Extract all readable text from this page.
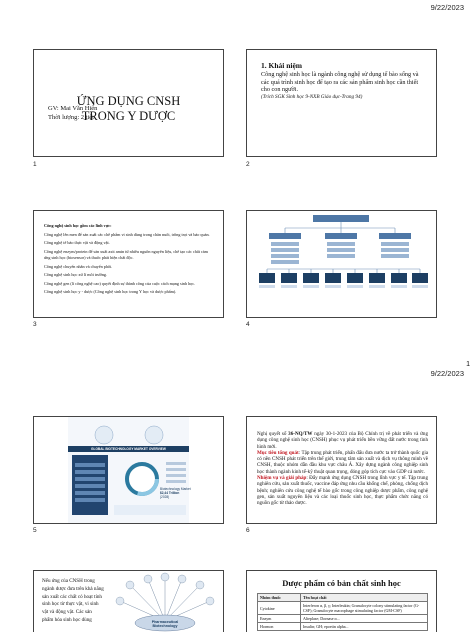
9/22/2023
ỨNG DỤNG CNSH
TRONG Y DƯỢC
GV: Mai Văn Hiển
Thời lượng: 2 tiết
1
1. Khái niệm
Công nghệ sinh học là ngành công nghệ sử dụng tế bào sống và các quá trình sinh học để tạo ra các sản phẩm sinh học cần thiết cho con người.
(Trích SGK Sinh học 9-NXB Giáo dục-Trang 94)
2
Công nghệ sinh học gồm các lĩnh vực:
Công nghệ lên men để sản xuất các chế phẩm vi sinh dùng trong chăn nuôi, trồng trọt và bảo quản.
Công nghệ tế bào thực vật và động vật.
Công nghệ enzym/protein để sản xuất axit amin từ nhiều nguồn nguyên liệu, chế tạo các chất cảm ứng sinh học (biosensor) và thuốc phát hiện chất độc.
Công nghệ chuyển nhân và chuyển phôi.
Công nghệ sinh học xử lí môi trường.
Công nghệ gen (lí công nghệ cao) quyết định sự thành công của cuộc cách mạng sinh học.
Công nghệ sinh học y - dược (Công nghệ sinh học trong Y học và dược phẩm).
3	4
1
9/22/2023
GLOBAL BIOTECHNOLOGY MARKET OVERVIEW
Biotechnology Market
$2,44 Trillion
(2028)
5
Nghị quyết số 36-NQ/TW ngày 30-1-2023 của Bộ Chính trị về phát triển và ứng dụng công nghệ sinh học (CNSH) phục vụ phát triển bền vững đất nước trong tình hình mới.
Mục tiêu tổng quát: Tập trung phát triển, phấn đấu đưa nước ta trở thành quốc gia có nền CNSH phát triển trên thế giới, trung tâm sản xuất và dịch vụ thông minh về CNSH, thuộc nhóm dẫn đầu khu vực châu Á. Xây dựng ngành công nghiệp sinh học thành ngành kinh tế-kỹ thuật quan trọng, đóng góp tích cực vào GDP cả nước.
Nhiệm vụ và giải pháp: Đẩy mạnh ứng dụng CNSH trong lĩnh vực y tế. Tập trung nghiên cứu, sản xuất thuốc, vaccine đáp ứng nhu cầu khống chế, phòng, chống dịch bệnh; nghiên cứu công nghệ tế bào gốc trong công nghiệp dược phẩm, công nghệ gen, sản xuất nguyên liệu và các loại thuốc sinh học, thực phẩm chức năng có nguồn gốc từ thảo dược.
6
Nếu ứng của CNSH trong ngành dược đưa trên khả năng sản xuất các chất có hoạt tính sinh học từ thực vật, vi sinh vật và động vật. Các sản phẩm hóa sinh học dùng	Pharmaceutical Biotechnology
Dược phẩm có bản chất sinh học
Nhóm thuốc	Tên hoạt chất
Cytokine	Interferon α, β, γ; Interleukin; Granulocyte colony stimulating factor (G-CSF); Granulocyte macrophage stimulating factor (GM-CSF)
Enzym	Alteplase; Dornase α...
Hormon	Insulin; GH; epoetin alpha...
